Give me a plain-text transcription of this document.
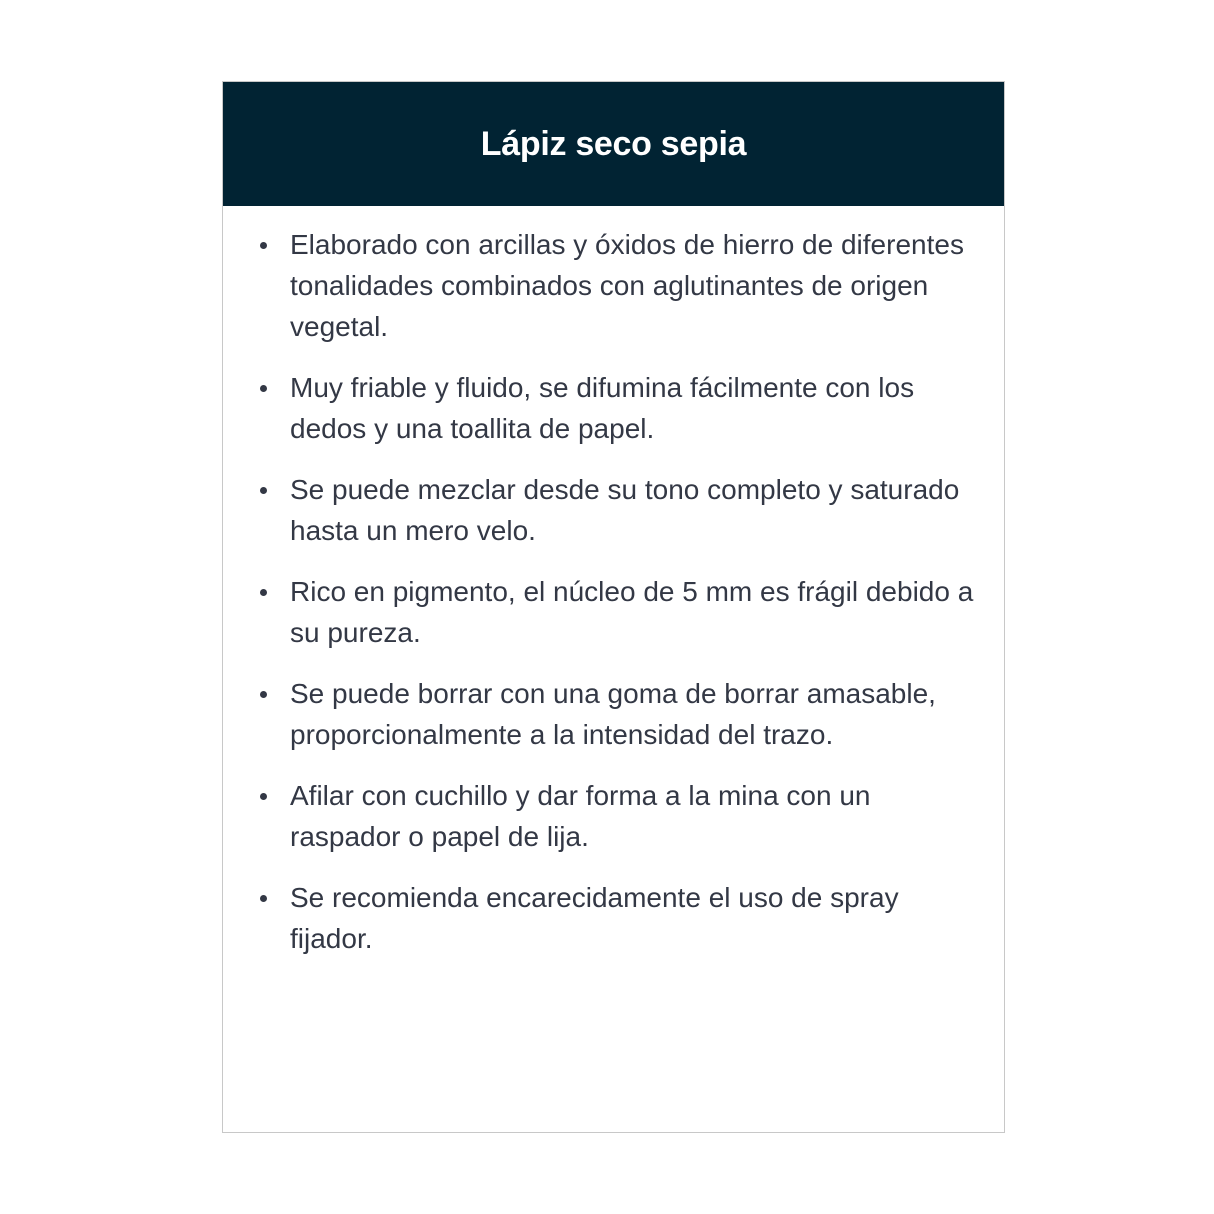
Lápiz seco sepia
Elaborado con arcillas y óxidos de hierro de diferentes tonalidades combinados con aglutinantes de origen vegetal.
Muy friable y fluido, se difumina fácilmente con los dedos y una toallita de papel.
Se puede mezclar desde su tono completo y saturado hasta un mero velo.
Rico en pigmento, el núcleo de 5 mm es frágil debido a su pureza.
Se puede borrar con una goma de borrar amasable, proporcionalmente a la intensidad del trazo.
Afilar con cuchillo y dar forma a la mina con un raspador o papel de lija.
Se recomienda encarecidamente el uso de spray fijador.
